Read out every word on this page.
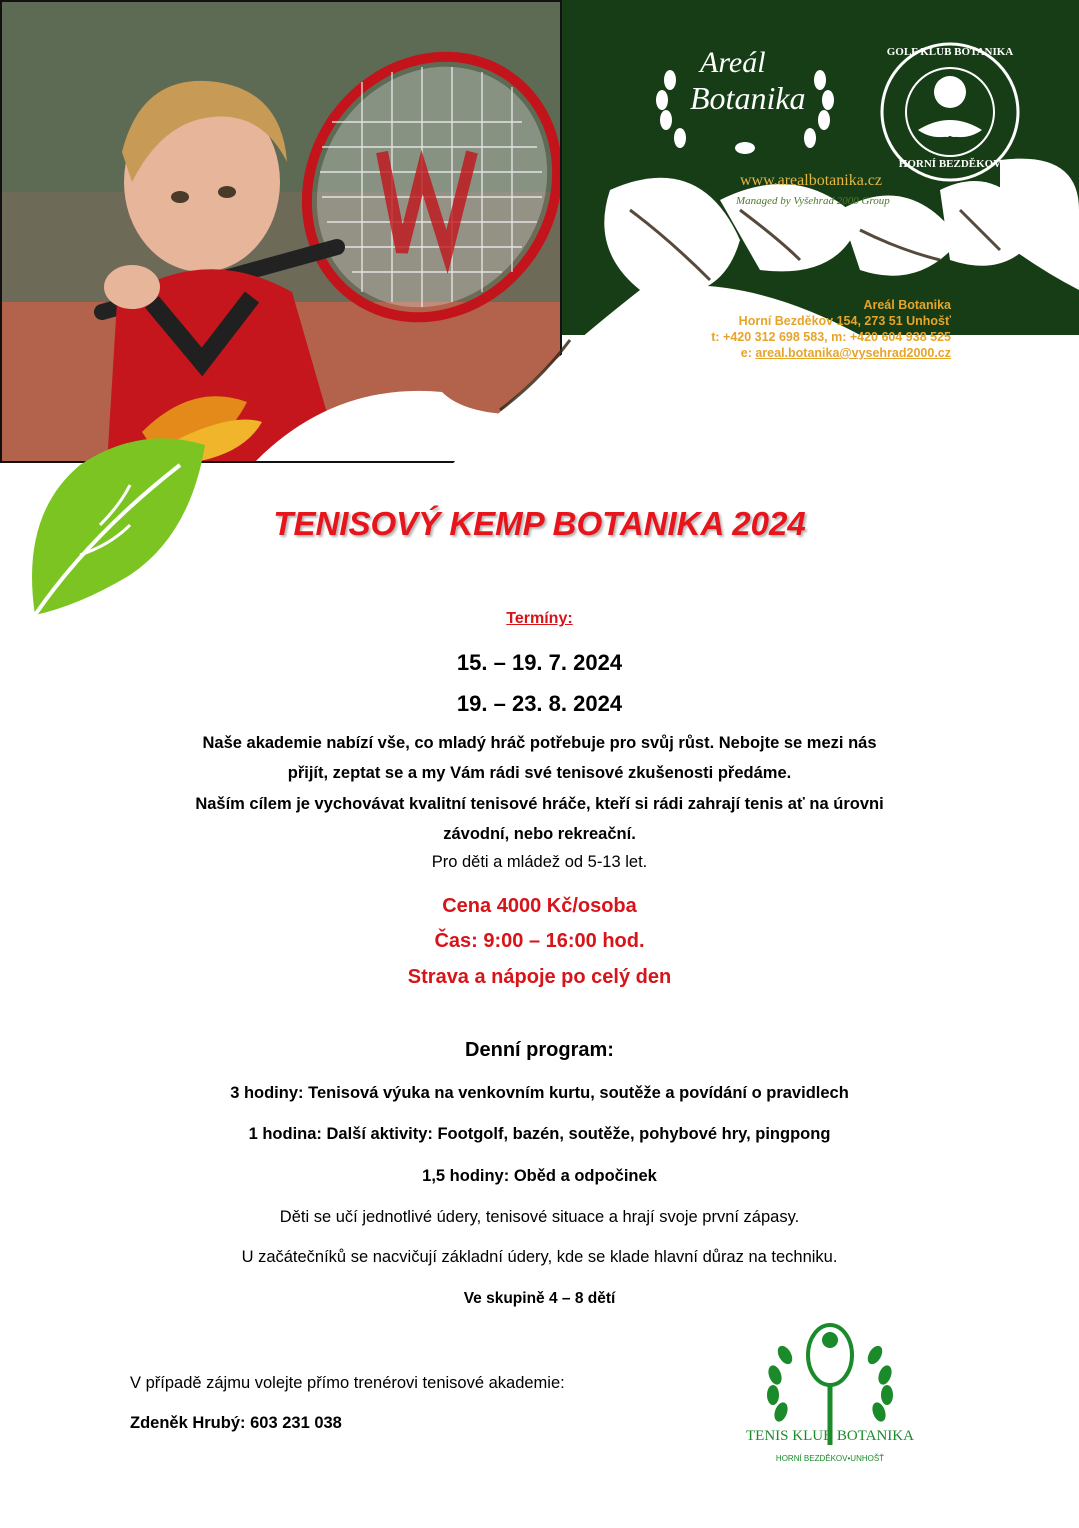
Areál
Botanika
GOLF KLUB BOTANIKA
68
HORNÍ BEZDĚKOV
www.arealbotanika.cz
Managed by Vyšehrad 2000 Group
Areál Botanika
Horní Bezděkov 154, 273 51 Unhošť
t: +420 312 698 583, m: +420 604 938 525
e: areal.botanika@vysehrad2000.cz
TENISOVÝ KEMP BOTANIKA 2024
Termíny:
15. – 19. 7. 2024
19. – 23. 8. 2024
Naše akademie nabízí vše, co mladý hráč potřebuje pro svůj růst. Nebojte se mezi nás
přijít, zeptat se a my Vám rádi své tenisové zkušenosti předáme.
Naším cílem je vychovávat kvalitní tenisové hráče, kteří si rádi zahrají tenis ať na úrovni
závodní, nebo rekreační.
Pro děti a mládež od 5-13 let.
Cena 4000 Kč/osoba
Čas: 9:00 – 16:00 hod.
Strava a nápoje po celý den
Denní program:
3 hodiny: Tenisová výuka na venkovním kurtu, soutěže a povídání o pravidlech
1 hodina: Další aktivity: Footgolf, bazén, soutěže, pohybové hry, pingpong
1,5 hodiny: Oběd a odpočinek
Děti se učí jednotlivé údery, tenisové situace a hrají svoje první zápasy.
U začátečníků se nacvičují základní údery, kde se klade hlavní důraz na techniku.
Ve skupině 4 – 8 dětí
V případě zájmu volejte přímo trenérovi tenisové akademie:
Zdeněk Hrubý: 603 231 038
TENIS KLUB BOTANIKA
HORNÍ BEZDĚKOV•UNHOŠŤ
